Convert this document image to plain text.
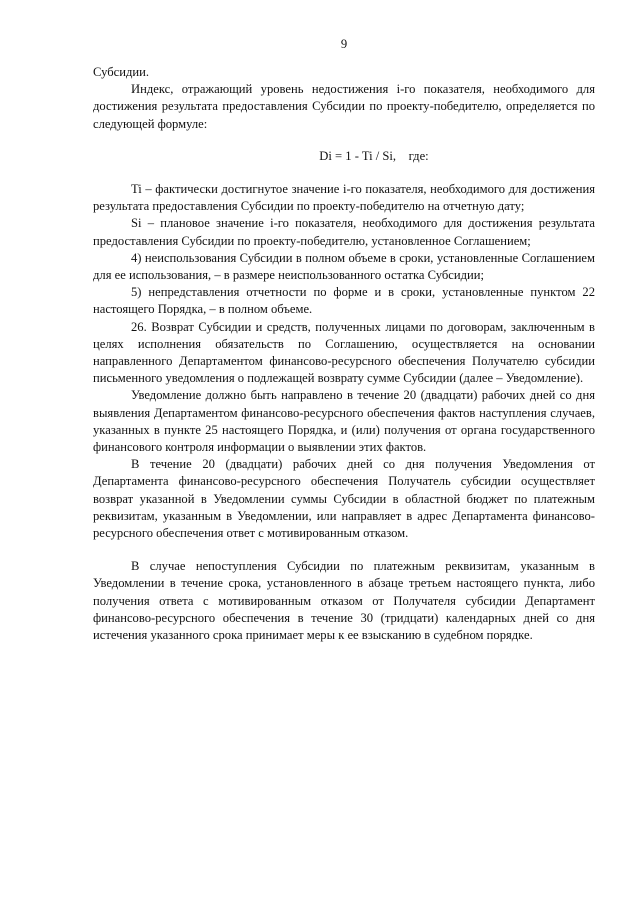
9

Субсидии.

Индекс, отражающий уровень недостижения i-го показателя, необходимого для достижения результата предоставления Субсидии по проекту-победителю, определяется по следующей формуле:

Di = 1 - Ti / Si,    где:

Ti – фактически достигнутое значение i-го показателя, необходимого для достижения результата предоставления Субсидии по проекту-победителю на отчетную дату;

Si – плановое значение i-го показателя, необходимого для достижения результата предоставления Субсидии по проекту-победителю, установленное Соглашением;

4) неиспользования Субсидии в полном объеме в сроки, установленные Соглашением для ее использования, – в размере неиспользованного остатка Субсидии;

5) непредставления отчетности по форме и в сроки, установленные пунктом 22 настоящего Порядка, – в полном объеме.

26. Возврат Субсидии и средств, полученных лицами по договорам, заключенным в целях исполнения обязательств по Соглашению, осуществляется на основании направленного Департаментом финансово-ресурсного обеспечения Получателю субсидии письменного уведомления о подлежащей возврату сумме Субсидии (далее – Уведомление).

Уведомление должно быть направлено в течение 20 (двадцати) рабочих дней со дня выявления Департаментом финансово-ресурсного обеспечения фактов наступления случаев, указанных в пункте 25 настоящего Порядка, и (или) получения от органа государственного финансового контроля информации о выявлении этих фактов.

В течение 20 (двадцати) рабочих дней со дня получения Уведомления от Департамента финансово-ресурсного обеспечения Получатель субсидии осуществляет возврат указанной в Уведомлении суммы Субсидии в областной бюджет по платежным реквизитам, указанным в Уведомлении, или направляет в адрес Департамента финансово-ресурсного обеспечения ответ с мотивированным отказом.

В случае непоступления Субсидии по платежным реквизитам, указанным в Уведомлении в течение срока, установленного в абзаце третьем настоящего пункта, либо получения ответа с мотивированным отказом от Получателя субсидии Департамент финансово-ресурсного обеспечения в течение 30 (тридцати) календарных дней со дня истечения указанного срока принимает меры к ее взысканию в судебном порядке.
